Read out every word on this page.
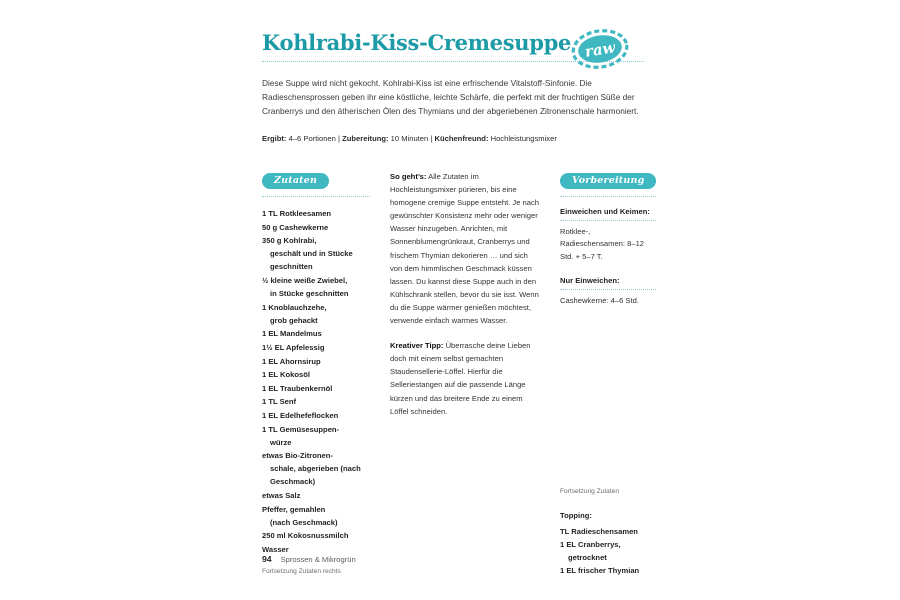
Kohlrabi-Kiss-Cremesuppe
Diese Suppe wird nicht gekocht. Kohlrabi-Kiss ist eine erfrischende Vitalstoff-Sinfonie. Die Radieschensprossen geben ihr eine köstliche, leichte Schärfe, die perfekt mit der fruchtigen Süße der Cranberrys und den ätherischen Ölen des Thymians und der abgeriebenen Zitronenschale harmoniert.
Ergibt: 4–6 Portionen | Zubereitung: 10 Minuten | Küchenfreund: Hochleistungsmixer
raw
Zutaten
1 TL Rotkleesamen
50 g Cashewkerne
350 g Kohlrabi,
geschält und in Stücke geschnitten
½ kleine weiße Zwiebel,
in Stücke geschnitten
1 Knoblauchzehe,
grob gehackt
1 EL Mandelmus
1½ EL Apfelessig
1 EL Ahornsirup
1 EL Kokosöl
1 EL Traubenkernöl
1 TL Senf
1 EL Edelhefeflocken
1 TL Gemüsesuppen-
würze
etwas Bio-Zitronen-
schale, abgerieben (nach Geschmack)
etwas Salz
Pfeffer, gemahlen
(nach Geschmack)
250 ml Kokosnussmilch
Wasser
Fortsetzung Zutaten rechts

So geht’s: Alle Zutaten im Hochleistungsmixer pürieren, bis eine homogene cremige Suppe entsteht. Je nach gewünschter Konsistenz mehr oder weniger Wasser hinzugeben. Anrichten, mit Sonnenblumengrünkraut, Cranberrys und frischem Thymian dekorieren … und sich von dem himmlischen Geschmack küssen lassen. Du kannst diese Suppe auch in den Kühlschrank stellen, bevor du sie isst. Wenn du die Suppe wärmer genießen möchtest, verwende einfach warmes Wasser.

Kreativer Tipp: Überrasche deine Lieben doch mit einem selbst gemachten Staudensellerie-Löffel. Hierfür die Selleriestangen auf die passende Länge kürzen und das breitere Ende zu einem Löffel schneiden.

Vorbereitung
Einweichen und Keimen:
Rotklee-, Radieschensamen: 8–12 Std. + 5–7 T.
Nur Einweichen:
Cashewkerne: 4–6 Std.
Fortsetzung Zutaten
Topping:
TL Radieschensamen
1 EL Cranberrys,
getrocknet
1 EL frischer Thymian
94 Sprossen & Mikrogrün
